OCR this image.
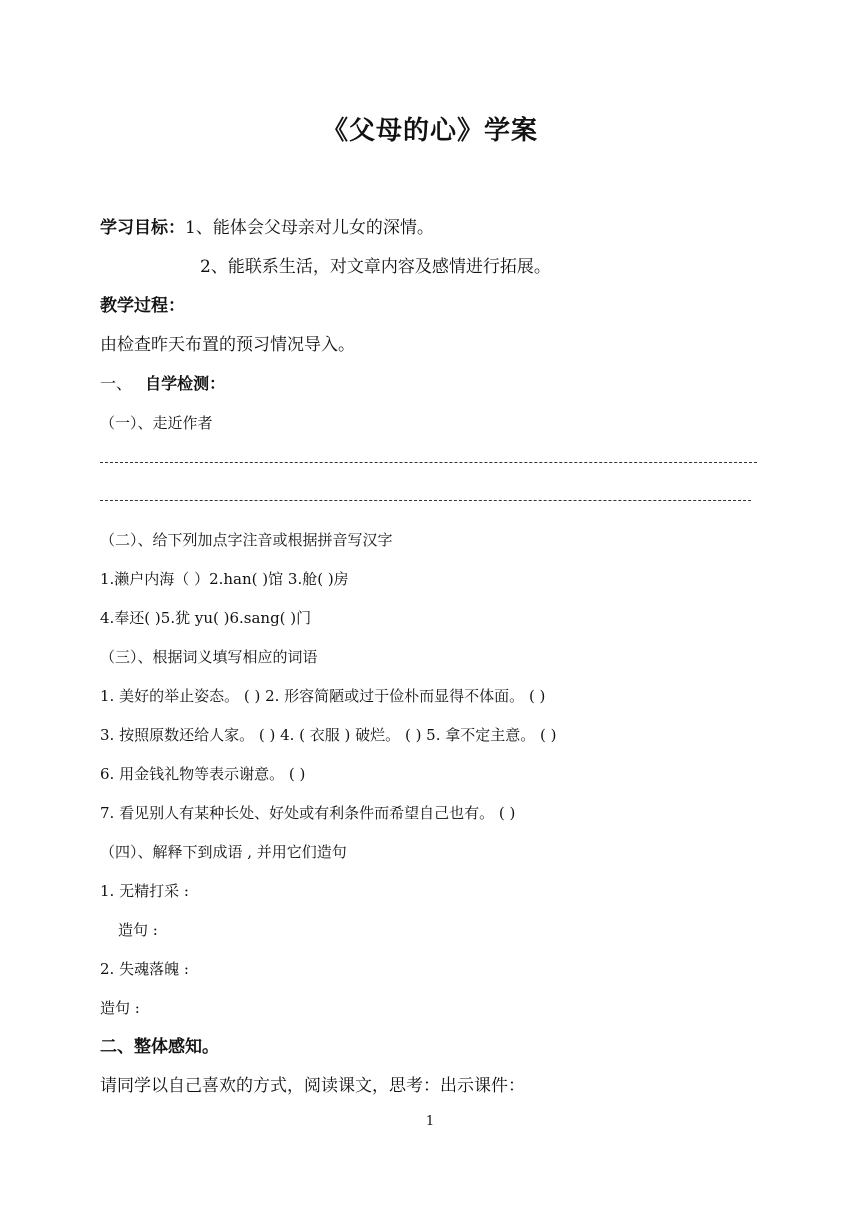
《父母的心》学案
学习目标：1、能体会父母亲对儿女的深情。
2、能联系生活，对文章内容及感情进行拓展。
教学过程：
由检查昨天布置的预习情况导入。
一、 自学检测：
（一）、走近作者
（二）、给下列加点字注音或根据拼音写汉字
1.濑户内海（ ）2.han( )馆 3.舱( )房
4.奉还( )5.犹 yu( )6.sang( )门
（三）、根据词义填写相应的词语
1. 美好的举止姿态。 ( ) 2. 形容简陋或过于俭朴而显得不体面。 ( )
3. 按照原数还给人家。 ( ) 4. ( 衣服 ) 破烂。 ( ) 5. 拿不定主意。 ( )
6. 用金钱礼物等表示谢意。 ( )
7. 看见别人有某种长处、好处或有利条件而希望自己也有。 ( )
（四）、解释下到成语 , 并用它们造句
1. 无精打采 :
造句 :
2. 失魂落魄 :
造句 :
二、整体感知。
请同学以自己喜欢的方式，阅读课文，思考：出示课件：
1
